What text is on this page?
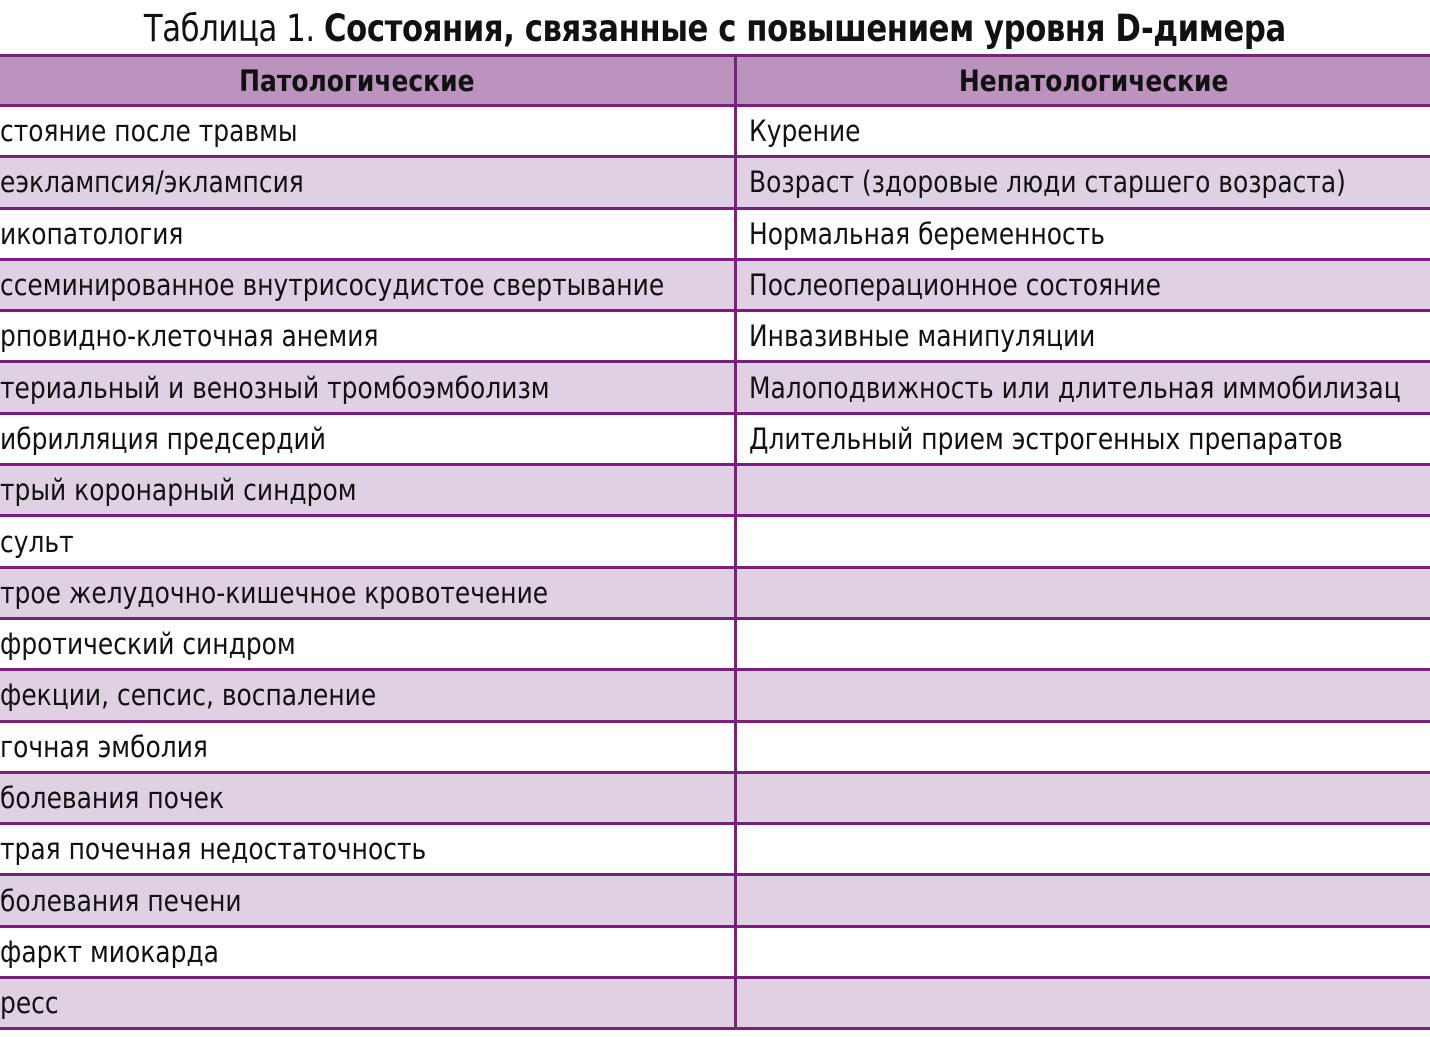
Таблица 1. Состояния, связанные с повышением уровня D-димера
Патологические	Непатологические
стояние после травмы	Курение
еэклампсия/эклампсия	Возраст (здоровые люди старшего возраста)
икопатология	Нормальная беременность
ссеминированное внутрисосудистое свертывание	Послеоперационное состояние
рповидно-клеточная анемия	Инвазивные манипуляции
териальный и венозный тромбоэмболизм	Малоподвижность или длительная иммобилизац
ибрилляция предсердий	Длительный прием эстрогенных препаратов
трый коронарный синдром
сульт
трое желудочно-кишечное кровотечение
фротический синдром
фекции, сепсис, воспаление
гочная эмболия
болевания почек
трая почечная недостаточность
болевания печени
фаркт миокарда
ресс
